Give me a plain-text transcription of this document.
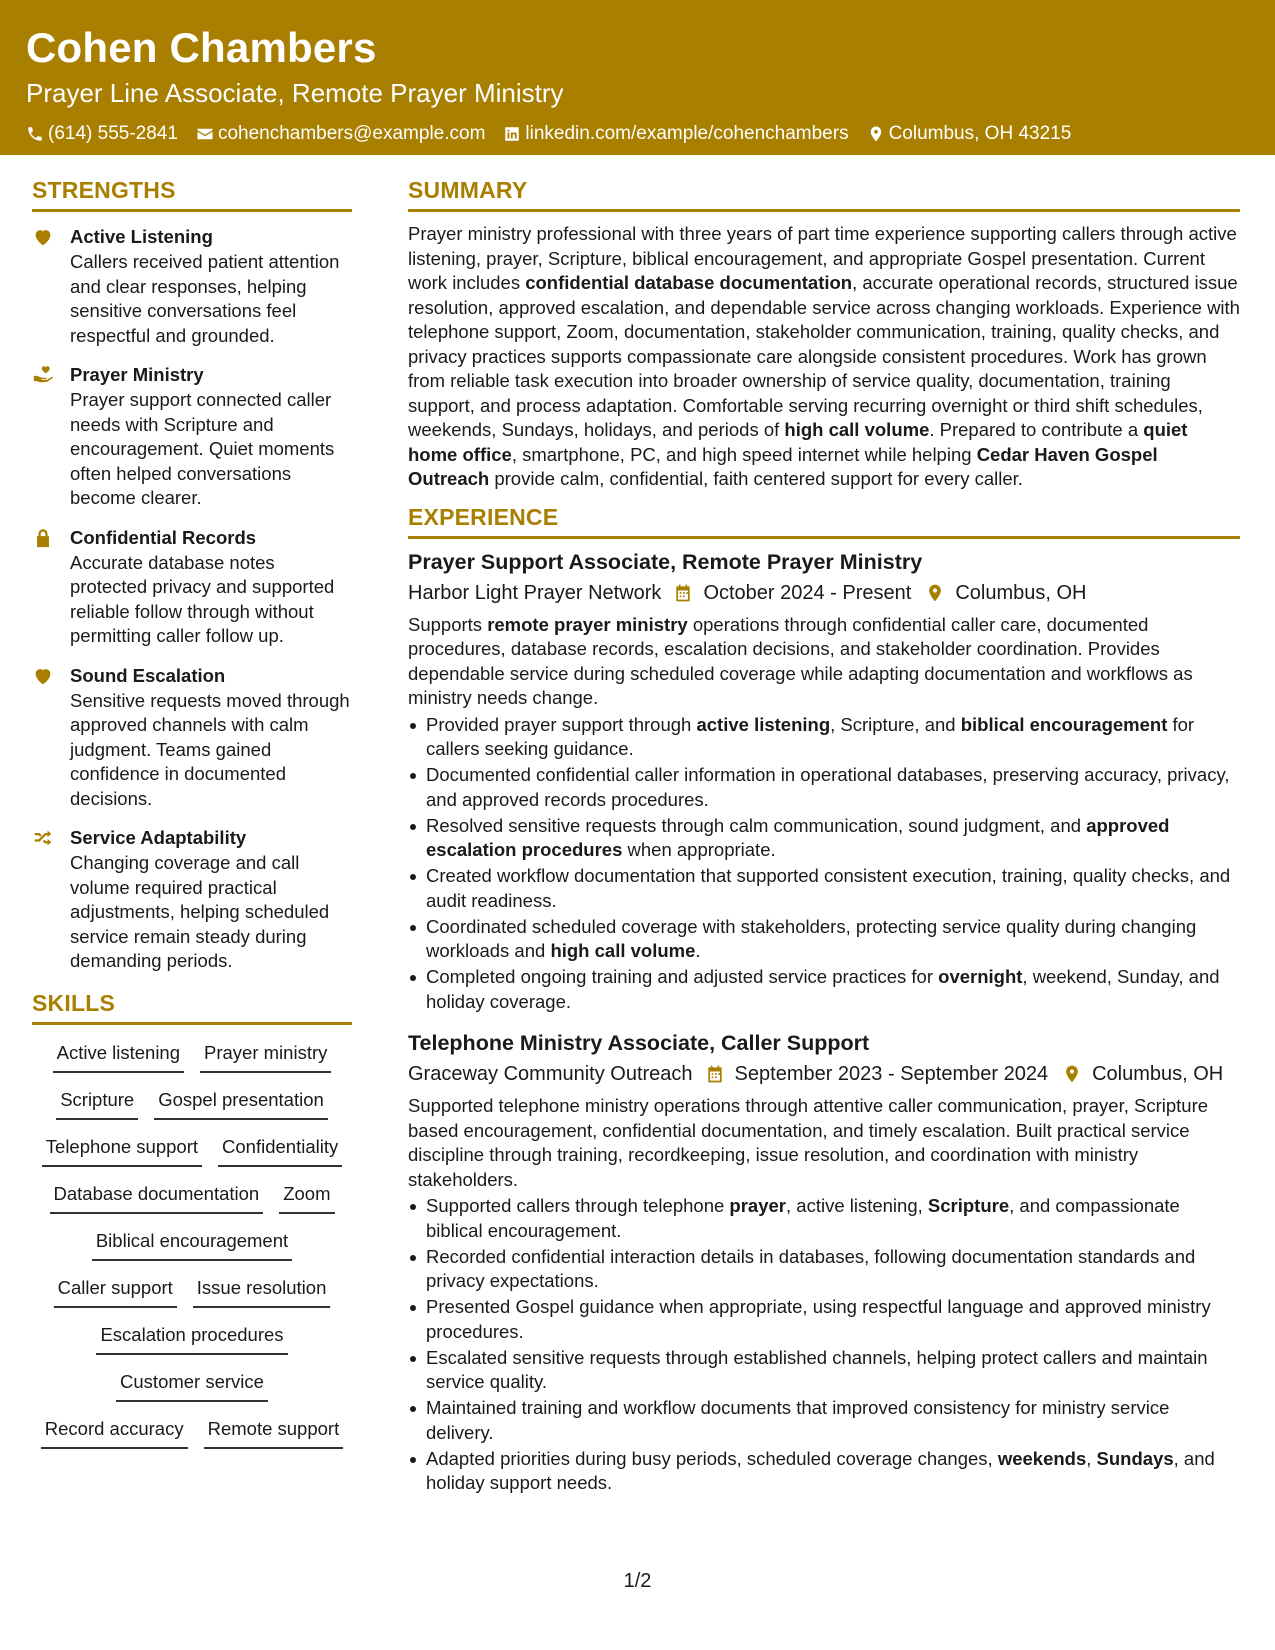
Cohen Chambers
Prayer Line Associate, Remote Prayer Ministry
(614) 555-2841 cohenchambers@example.com linkedin.com/example/cohenchambers Columbus, OH 43215
STRENGTHS
Active Listening
Callers received patient attention and clear responses, helping sensitive conversations feel respectful and grounded.
Prayer Ministry
Prayer support connected caller needs with Scripture and encouragement. Quiet moments often helped conversations become clearer.
Confidential Records
Accurate database notes protected privacy and supported reliable follow through without permitting caller follow up.
Sound Escalation
Sensitive requests moved through approved channels with calm judgment. Teams gained confidence in documented decisions.
Service Adaptability
Changing coverage and call volume required practical adjustments, helping scheduled service remain steady during demanding periods.
SKILLS
Active listening Prayer ministry
Scripture Gospel presentation
Telephone support Confidentiality
Database documentation Zoom
Biblical encouragement
Caller support Issue resolution
Escalation procedures
Customer service
Record accuracy Remote support
SUMMARY

Prayer ministry professional with three years of part time experience supporting callers through active listening, prayer, Scripture, biblical encouragement, and appropriate Gospel presentation. Current work includes confidential database documentation, accurate operational records, structured issue resolution, approved escalation, and dependable service across changing workloads. Experience with telephone support, Zoom, documentation, stakeholder communication, training, quality checks, and privacy practices supports compassionate care alongside consistent procedures. Work has grown from reliable task execution into broader ownership of service quality, documentation, training support, and process adaptation. Comfortable serving recurring overnight or third shift schedules, weekends, Sundays, holidays, and periods of high call volume. Prepared to contribute a quiet home office, smartphone, PC, and high speed internet while helping Cedar Haven Gospel Outreach provide calm, confidential, faith centered support for every caller.

EXPERIENCE
Prayer Support Associate, Remote Prayer Ministry
Harbor Light Prayer Network October 2024 - Present Columbus, OH

Supports remote prayer ministry operations through confidential caller care, documented procedures, database records, escalation decisions, and stakeholder coordination. Provides dependable service during scheduled coverage while adapting documentation and workflows as ministry needs change.

Provided prayer support through active listening, Scripture, and biblical encouragement for callers seeking guidance.
Documented confidential caller information in operational databases, preserving accuracy, privacy, and approved records procedures.
Resolved sensitive requests through calm communication, sound judgment, and approved escalation procedures when appropriate.
Created workflow documentation that supported consistent execution, training, quality checks, and audit readiness.
Coordinated scheduled coverage with stakeholders, protecting service quality during changing workloads and high call volume.
Completed ongoing training and adjusted service practices for overnight, weekend, Sunday, and holiday coverage.
Telephone Ministry Associate, Caller Support
Graceway Community Outreach September 2023 - September 2024 Columbus, OH

Supported telephone ministry operations through attentive caller communication, prayer, Scripture based encouragement, confidential documentation, and timely escalation. Built practical service discipline through training, recordkeeping, issue resolution, and coordination with ministry stakeholders.

Supported callers through telephone prayer, active listening, Scripture, and compassionate biblical encouragement.
Recorded confidential interaction details in databases, following documentation standards and privacy expectations.
Presented Gospel guidance when appropriate, using respectful language and approved ministry procedures.
Escalated sensitive requests through established channels, helping protect callers and maintain service quality.
Maintained training and workflow documents that improved consistency for ministry service delivery.
Adapted priorities during busy periods, scheduled coverage changes, weekends, Sundays, and holiday support needs.
1/2
